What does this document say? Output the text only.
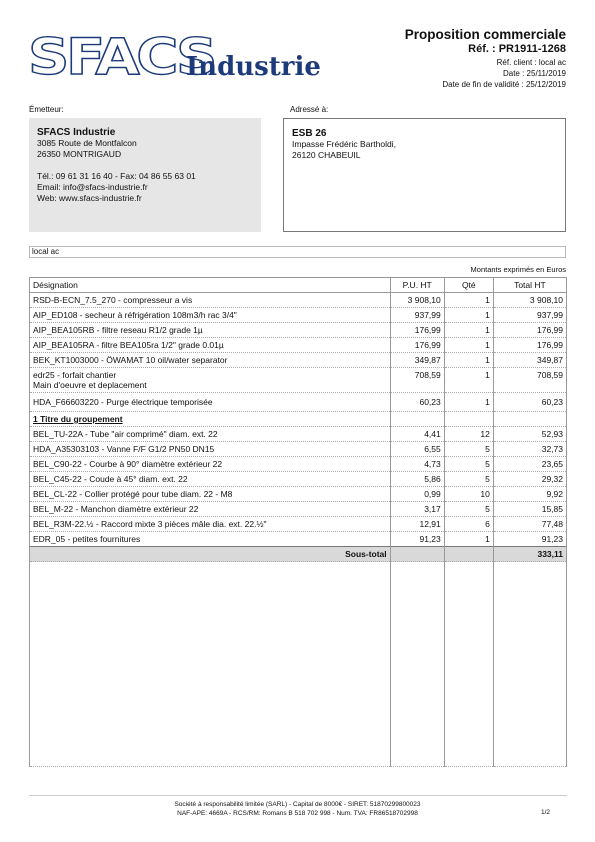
SFACS
Industrie
Proposition commerciale
Réf. : PR1911-1268
Réf. client : local ac
Date : 25/11/2019
Date de fin de validité : 25/12/2019
Émetteur:
SFACS Industrie
3085 Route de Montfalcon
26350 MONTRIGAUD
Tél.: 09 61 31 16 40 - Fax: 04 86 55 63 01
Email: info@sfacs-industrie.fr
Web: www.sfacs-industrie.fr
Adressé à:
ESB 26
Impasse Frédéric Bartholdi,
26120 CHABEUIL
local ac
Montants exprimés en Euros
Désignation	P.U. HT	Qté	Total HT
RSD-B-ECN_7.5_270 - compresseur a vis	3 908,10	1	3 908,10
AIP_ED108 - secheur à réfrigération 108m3/h rac 3/4"	937,99	1	937,99
AIP_BEA105RB - filtre reseau R1/2 grade 1µ	176,99	1	176,99
AIP_BEA105RA - filtre BEA105ra 1/2" grade 0.01µ	176,99	1	176,99
BEK_KT1003000 - ÖWAMAT 10 oil/water separator	349,87	1	349,87

edr25 - forfait chantier
Main d'oeuvre et deplacement	708,59	1	708,59
HDA_F66603220 - Purge électrique temporisée	60,23	1	60,23
1 Titre du groupement			
BEL_TU-22A - Tube "air comprimé" diam. ext. 22	4,41	12	52,93
HDA_A35303103 - Vanne F/F G1/2 PN50 DN15	6,55	5	32,73
BEL_C90-22 - Courbe à 90° diamètre extérieur 22	4,73	5	23,65
BEL_C45-22 - Coude à 45° diam. ext. 22	5,86	5	29,32
BEL_CL-22 - Collier protégé pour tube diam. 22 - M8	0,99	10	9,92
BEL_M-22 - Manchon diamètre extérieur 22	3,17	5	15,85
BEL_R3M-22.½ - Raccord mixte 3 pièces mâle dia. ext. 22.½"	12,91	6	77,48
EDR_05 - petites fournitures	91,23	1	91,23
Sous-total			333,11

Société à responsabilité limitée (SARL) - Capital de 8000€ - SIRET: 51870299800023
NAF-APE: 4669A - RCS/RM: Romans B 518 702 998 - Num. TVA: FR86518702998	1/2
